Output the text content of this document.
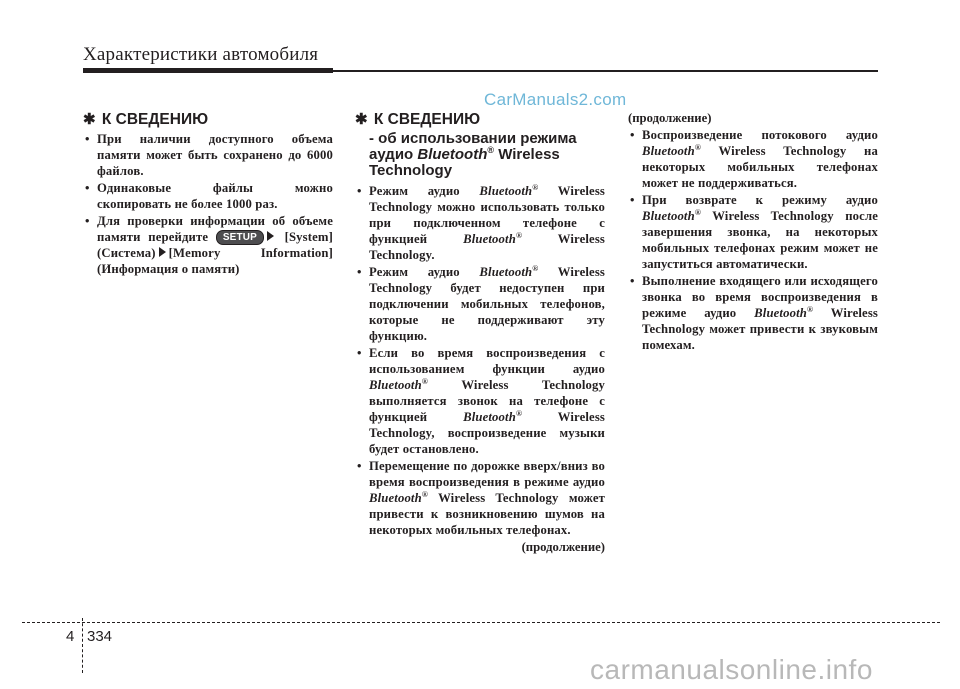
Характеристики автомобиля
CarManuals2.com
✱ К СВЕДЕНИЮ
• При наличии доступного объема памяти может быть сохранено до 6000 файлов.
• Одинаковые файлы можно скопировать не более 1000 раз.
• Для проверки информации об объеме памяти перейдите SETUP [System] (Система) [Memory Information] (Информация о памяти)
✱ К СВЕДЕНИЮ
- об использовании режима аудио Bluetooth® Wireless Technology
• Режим аудио Bluetooth® Wireless Technology можно использовать только при подключенном телефоне с функцией	Bluetooth®	Wireless Technology.
• Режим аудио Bluetooth® Wireless Technology будет недоступен при подключении мобильных телефонов, которые не поддерживают эту функцию.
• Если во время воспроизведения с использованием функции аудио Bluetooth®	Wireless Technology выполняется звонок на телефоне с функцией	Bluetooth®	Wireless Technology, воспроизведение музыки будет остановлено.
• Перемещение по дорожке вверх/вниз во время воспроизведения в режиме аудио Bluetooth® Wireless Technology может привести к возникновению шумов на некоторых мобильных телефонах.
(продолжение)
(продолжение)
• Воспроизведение потокового аудио Bluetooth® Wireless Technology на некоторых мобильных телефонах может не поддерживаться.
• При возврате к режиму аудио Bluetooth® Wireless Technology после завершения звонка, на некоторых мобильных телефонах режим может не запуститься автоматически.
• Выполнение входящего или исходящего звонка во время воспроизведения в режиме аудио Bluetooth® Wireless Technology может привести к звуковым помехам.
4 334
carmanualsonline.info
